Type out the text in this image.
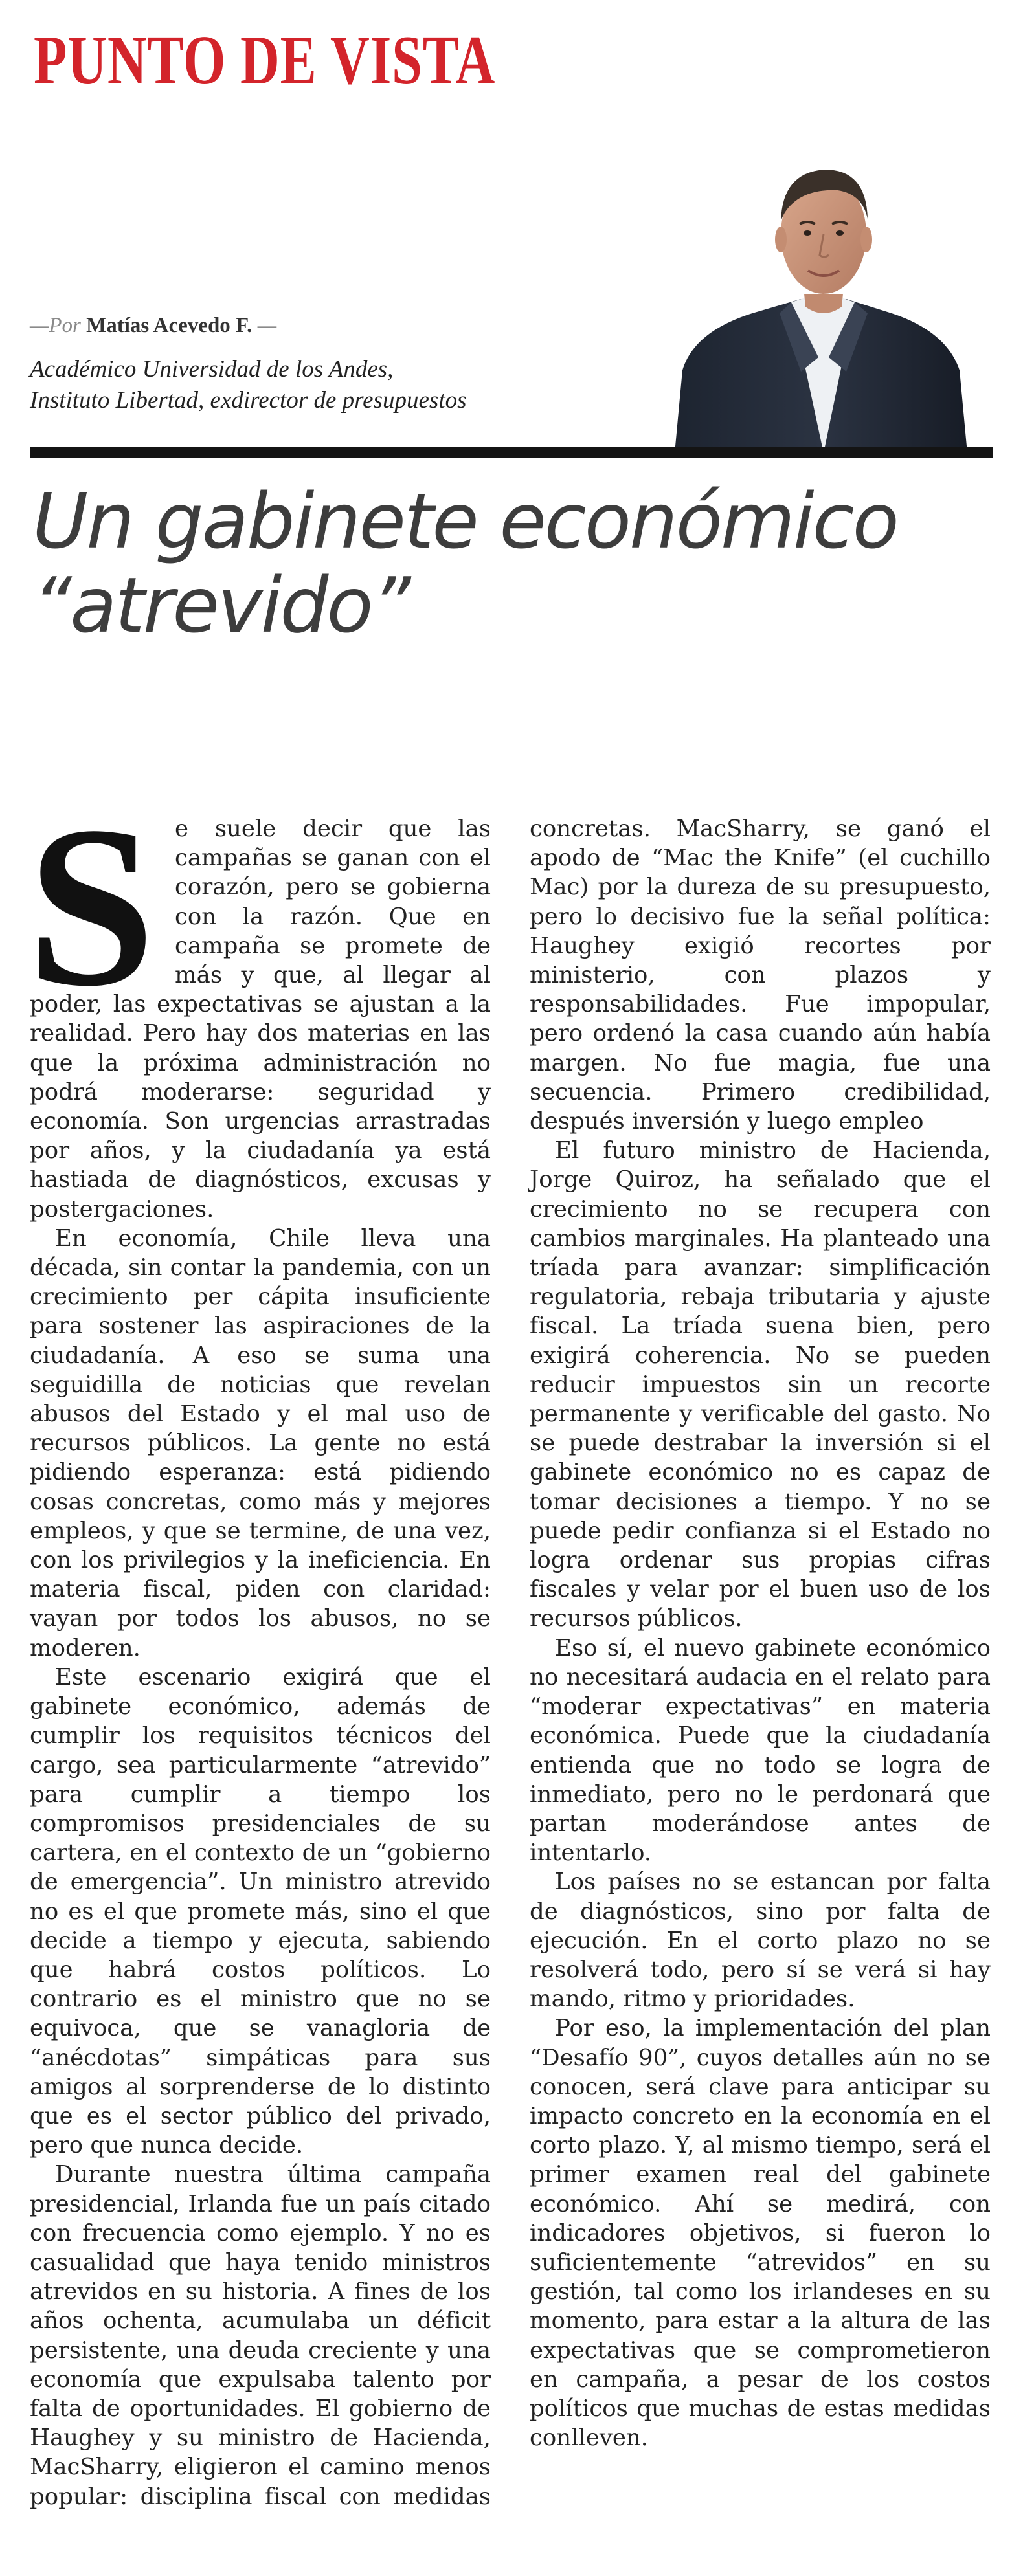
PUNTO DE VISTA

—Por Matías Acevedo F. —

Académico Universidad de los Andes,

Instituto Libertad, exdirector de presupuestos

Un gabinete económico
“atrevido”

Se suele decir que las campañas se ganan con el corazón, pero se gobierna con la razón. Que en campaña se promete de más y que, al llegar al poder, las expectativas se ajustan a la realidad. Pero hay dos materias en las que la próxima administración no podrá moderarse: seguridad y economía. Son urgencias arrastradas por años, y la ciudadanía ya está hastiada de diagnósticos, excusas y postergaciones.

En economía, Chile lleva una década, sin contar la pandemia, con un crecimiento per cápita insuficiente para sostener las aspiraciones de la ciudadanía. A eso se suma una seguidilla de noticias que revelan abusos del Estado y el mal uso de recursos públicos. La gente no está pidiendo esperanza: está pidiendo cosas concretas, como más y mejores empleos, y que se termine, de una vez, con los privilegios y la ineficiencia. En materia fiscal, piden con claridad: vayan por todos los abusos, no se moderen.

Este escenario exigirá que el gabinete económico, además de cumplir los requisitos técnicos del cargo, sea particularmente “atrevido” para cumplir a tiempo los compromisos presidenciales de su cartera, en el contexto de un “gobierno de emergencia”. Un ministro atrevido no es el que promete más, sino el que decide a tiempo y ejecuta, sabiendo que habrá costos políticos. Lo contrario es el ministro que no se equivoca, que se vanagloria de “anécdotas” simpáticas para sus amigos al sorprenderse de lo distinto que es el sector público del privado, pero que nunca decide.

Durante nuestra última campaña presidencial, Irlanda fue un país citado con frecuencia como ejemplo. Y no es casualidad que haya tenido ministros atrevidos en su historia. A fines de los años ochenta, acumulaba un déficit persistente, una deuda creciente y una economía que expulsaba talento por falta de oportunidades. El gobierno de Haughey y su ministro de Hacienda, MacSharry, eligieron el camino menos popular: disciplina fiscal con medidas concretas. MacSharry, se ganó el apodo de “Mac the Knife” (el cuchillo Mac) por la dureza de su presupuesto, pero lo decisivo fue la señal política: Haughey exigió recortes por ministerio, con plazos y responsabilidades. Fue impopular, pero ordenó la casa cuando aún había margen. No fue magia, fue una secuencia. Primero credibilidad, después inversión y luego empleo

El futuro ministro de Hacienda, Jorge Quiroz, ha señalado que el crecimiento no se recupera con cambios marginales. Ha planteado una tríada para avanzar: simplificación regulatoria, rebaja tributaria y ajuste fiscal. La tríada suena bien, pero exigirá coherencia. No se pueden reducir impuestos sin un recorte permanente y verificable del gasto. No se puede destrabar la inversión si el gabinete económico no es capaz de tomar decisiones a tiempo. Y no se puede pedir confianza si el Estado no logra ordenar sus propias cifras fiscales y velar por el buen uso de los recursos públicos.

Eso sí, el nuevo gabinete económico no necesitará audacia en el relato para “moderar expectativas” en materia económica. Puede que la ciudadanía entienda que no todo se logra de inmediato, pero no le perdonará que partan moderándose antes de intentarlo.

Los países no se estancan por falta de diagnósticos, sino por falta de ejecución. En el corto plazo no se resolverá todo, pero sí se verá si hay mando, ritmo y prioridades.

Por eso, la implementación del plan “Desafío 90”, cuyos detalles aún no se conocen, será clave para anticipar su impacto concreto en la economía en el corto plazo. Y, al mismo tiempo, será el primer examen real del gabinete económico. Ahí se medirá, con indicadores objetivos, si fueron lo suficientemente “atrevidos” en su gestión, tal como los irlandeses en su momento, para estar a la altura de las expectativas que se comprometieron en campaña, a pesar de los costos políticos que muchas de estas medidas conlleven.
